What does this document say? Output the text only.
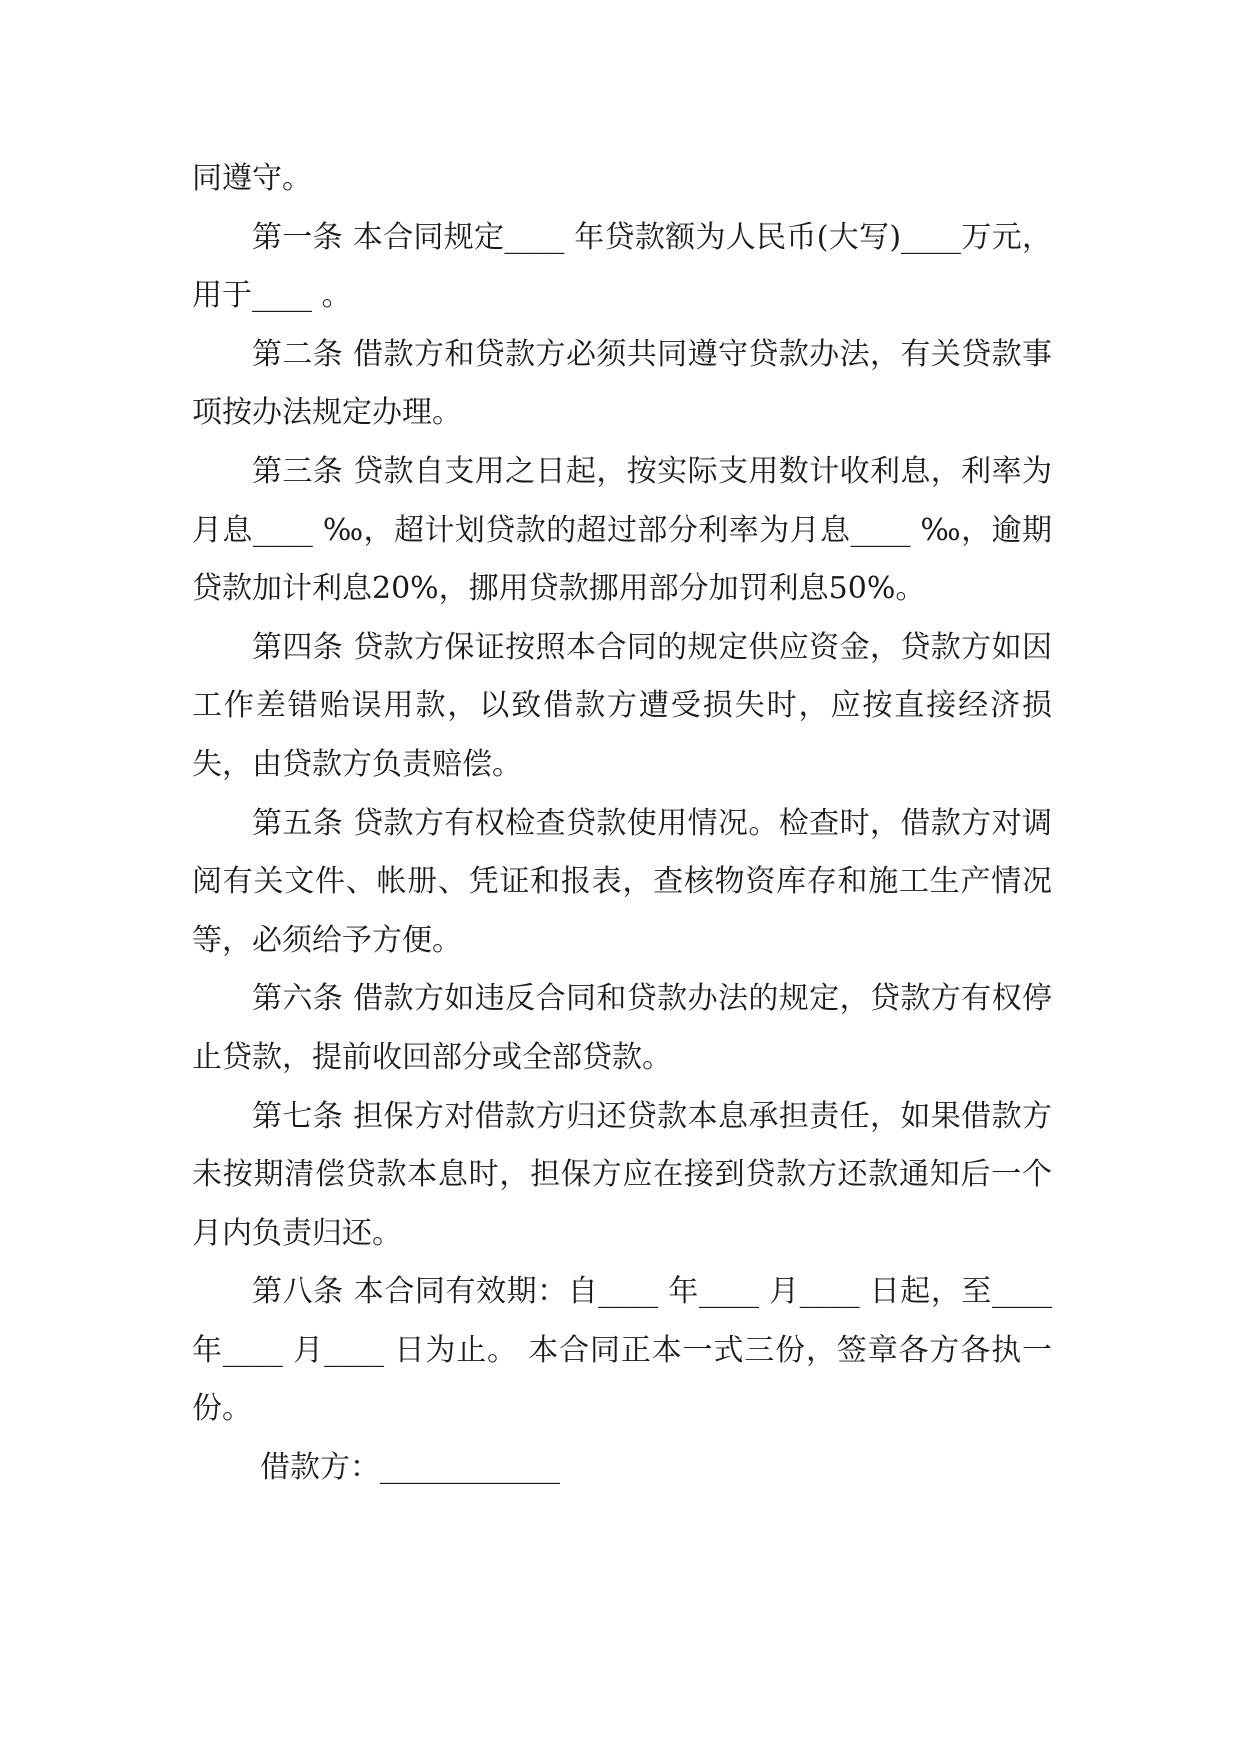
同遵守。

第一条 本合同规定____ 年贷款额为人民币(大写)____万元，用于____ 。

第二条 借款方和贷款方必须共同遵守贷款办法，有关贷款事项按办法规定办理。

第三条 贷款自支用之日起，按实际支用数计收利息，利率为月息____ ‰，超计划贷款的超过部分利率为月息____ ‰，逾期贷款加计利息20%，挪用贷款挪用部分加罚利息50%。

第四条 贷款方保证按照本合同的规定供应资金，贷款方如因工作差错贻误用款，以致借款方遭受损失时，应按直接经济损失，由贷款方负责赔偿。

第五条 贷款方有权检查贷款使用情况。检查时，借款方对调阅有关文件、帐册、凭证和报表，查核物资库存和施工生产情况等，必须给予方便。

第六条 借款方如违反合同和贷款办法的规定，贷款方有权停止贷款，提前收回部分或全部贷款。

第七条 担保方对借款方归还贷款本息承担责任，如果借款方未按期清偿贷款本息时，担保方应在接到贷款方还款通知后一个月内负责归还。

第八条 本合同有效期：自____ 年____ 月____ 日起，至____ 年____ 月____ 日为止。 本合同正本一式三份，签章各方各执一份。

借款方：____________
